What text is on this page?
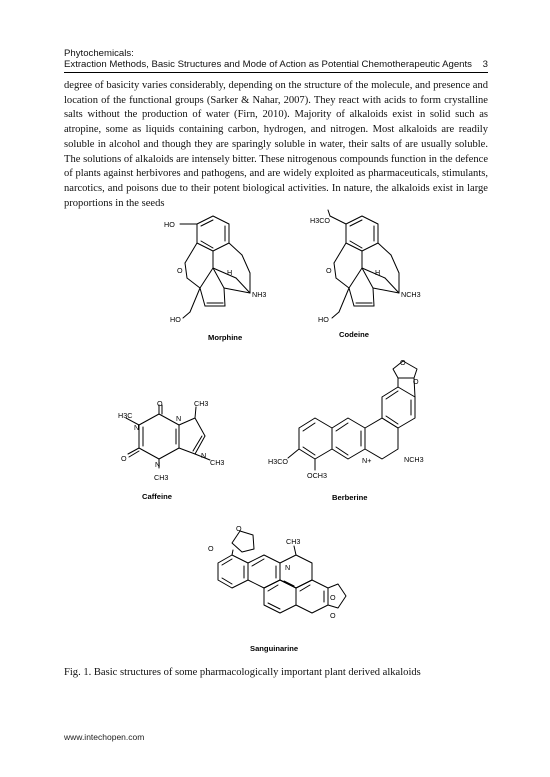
Phytochemicals:
Extraction Methods, Basic Structures and Mode of Action as Potential Chemotherapeutic Agents 3

degree of basicity varies considerably, depending on the structure of the molecule, and presence and location of the functional groups (Sarker & Nahar, 2007). They react with acids to form crystalline salts without the production of water (Firn, 2010). Majority of alkaloids exist in solid such as atropine, some as liquids containing carbon, hydrogen, and nitrogen. Most alkaloids are readily soluble in alcohol and though they are sparingly soluble in water, their salts of are usually soluble. The solutions of alkaloids are intensely bitter. These nitrogenous compounds function in the defence of plants against herbivores and pathogens, and are widely exploited as pharmaceuticals, stimulants, narcotics, and poisons due to their potent biological activities. In nature, the alkaloids exist in large proportions in the seeds

HO
O	H
NH3
HO
Morphine
H3CO
O	H
NCH3
HO
Codeine
CH3
H3C
O
N
N
N
N
O
CH3
CH3
Caffeine
O
O
N+	NCH3
H3CO
OCH3
Berberine
O
O
CH3
N
O
O
Sanguinarine
Fig. 1. Basic structures of some pharmacologically important plant derived alkaloids
www.intechopen.com
